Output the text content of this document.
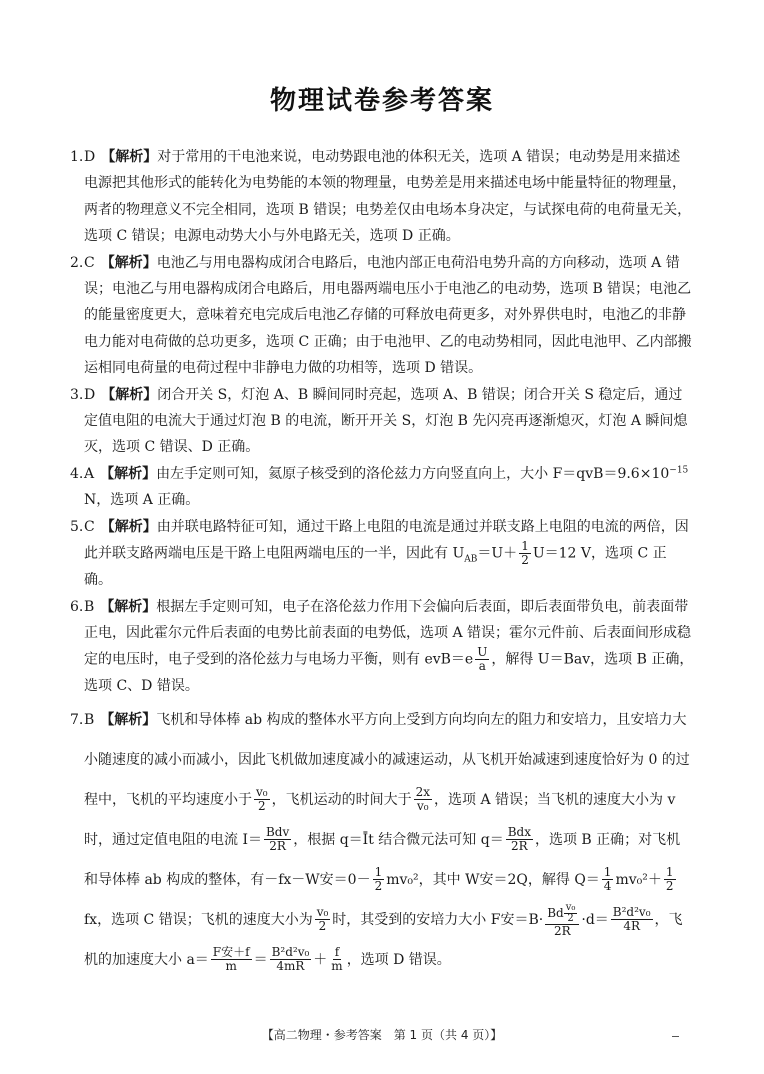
物理试卷参考答案
1. D 【解析】对于常用的干电池来说，电动势跟电池的体积无关，选项 A 错误；电动势是用来描述电源把其他形式的能转化为电势能的本领的物理量，电势差是用来描述电场中能量特征的物理量，两者的物理意义不完全相同，选项 B 错误；电势差仅由电场本身决定，与试探电荷的电荷量无关，选项 C 错误；电源电动势大小与外电路无关，选项 D 正确。
2. C 【解析】电池乙与用电器构成闭合电路后，电池内部正电荷沿电势升高的方向移动，选项 A 错误；电池乙与用电器构成闭合电路后，用电器两端电压小于电池乙的电动势，选项 B 错误；电池乙的能量密度更大，意味着充电完成后电池乙存储的可释放电荷更多，对外界供电时，电池乙的非静电力能对电荷做的总功更多，选项 C 正确；由于电池甲、乙的电动势相同，因此电池甲、乙内部搬运相同电荷量的电荷过程中非静电力做的功相等，选项 D 错误。
3. D 【解析】闭合开关 S，灯泡 A、B 瞬间同时亮起，选项 A、B 错误；闭合开关 S 稳定后，通过定值电阻的电流大于通过灯泡 B 的电流，断开开关 S，灯泡 B 先闪亮再逐渐熄灭，灯泡 A 瞬间熄灭，选项 C 错误、D 正确。
4. A 【解析】由左手定则可知，氦原子核受到的洛伦兹力方向竖直向上，大小 $F=qvB=9.6\times 10^{-15}$ N，选项 A 正确。
5. C 【解析】由并联电路特征可知，通过干路上电阻的电流是通过并联支路上电阻的电流的两倍，因此并联支路两端电压是干路上电阻两端电压的一半，因此有 $U_{AB}=U+ \frac{1}{2} U=12$ V，选项 C 正确。
6. B 【解析】根据左手定则可知，电子在洛伦兹力作用下会偏向后表面，即后表面带负电，前表面带正电，因此霍尔元件后表面的电势比前表面的电势低，选项 A 错误；霍尔元件前、后表面间形成稳定的电压时，电子受到的洛伦兹力与电场力平衡，则有 $evB=e \frac{U}{a}$ ，解得 U＝Bav，选项 B 正确，选项 C、D 错误。
7. B 【解析】飞机和导体棒 ab 构成的整体水平方向上受到方向均向左的阻力和安培力，且安培力大小随速度的减小而减小，因此飞机做加速度减小的减速运动，从飞机开始减速到速度恰好为 0 的过程中，飞机的平均速度小于 $\frac{\text{v₀}}{2}$ ，飞机运动的时间大于 $\frac{2x}{\text{v₀}}$ ，选项 A 错误；当飞机的速度大小为 v 时，通过定值电阻的电流 $I= \frac{\text{Bdv}}{2R}$ ，根据 q＝Īt 结合微元法可知 $q= \frac{\text{Bdx}}{2R}$ ，选项 B 正确；对飞机和导体棒 ab 构成的整体，有－fx－W安$=0- \frac{1}{2} mv_0^2$，其中 W安＝2Q，解得 $Q= \frac{1}{4} mv_0^2+ \frac{1}{2}$
fx，选项 C 错误；飞机的速度大小为 $\frac{\text{v₀}}{2}$ 时，其受到的安培力大小 F安$=B\cdot \frac{Bd \frac{\text{v₀}}{2}}{2R} \cdot d= \frac{\text{B²d²v₀}}{4R}$ ，飞机的加速度大小 $a= \frac{\text{F安＋f}}{m} = \frac{\text{B²d²v₀}}{4mR} + \frac{f}{m}$ ，选项 D 错误。
【高二物理・参考答案　第 1 页（共 4 页）】
